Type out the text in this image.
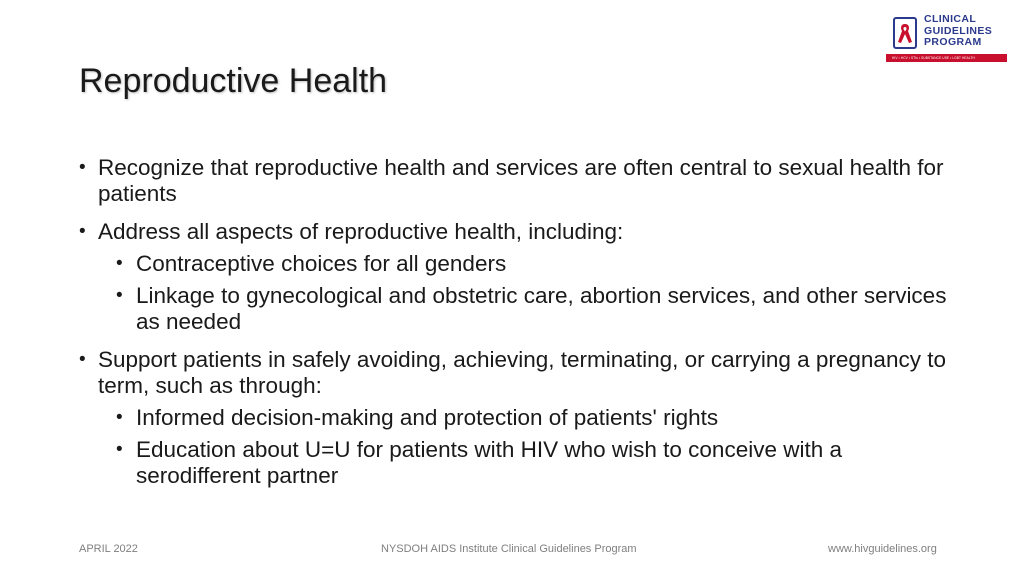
Reproductive Health
CLINICAL
GUIDELINES
PROGRAM
HIV • HCV • STIs • SUBSTANCE USE • LGBT HEALTH
• Recognize that reproductive health and services are often central to sexual health for patients
• Address all aspects of reproductive health, including:
• Contraceptive choices for all genders
• Linkage to gynecological and obstetric care, abortion services, and other services as needed
• Support patients in safely avoiding, achieving, terminating, or carrying a pregnancy to term, such as through:
• Informed decision-making and protection of patients' rights
• Education about U=U for patients with HIV who wish to conceive with a serodifferent partner
APRIL 2022	NYSDOH AIDS Institute Clinical Guidelines Program	www.hivguidelines.org
